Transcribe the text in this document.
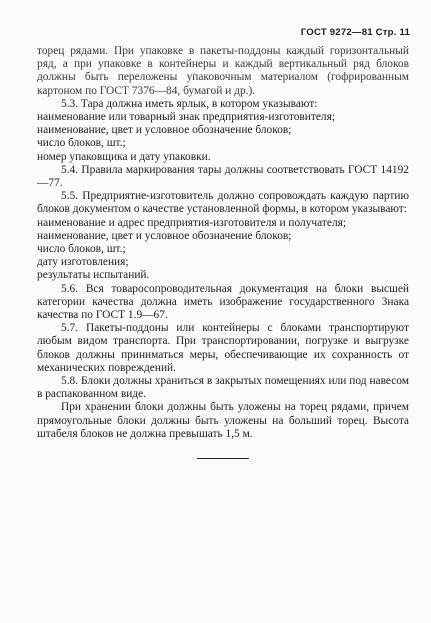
ГОСТ 9272—81 Стр. 11

торец рядами. При упаковке в пакеты-поддоны каждый горизонтальный ряд, а при упаковке в контейнеры и каждый вертикальный ряд блоков должны быть переложены упаковочным материалом (гофрированным картоном по ГОСТ 7376—84, бумагой и др.).

5.3. Тара должна иметь ярлык, в котором указывают:

наименование или товарный знак предприятия-изготовителя;

наименование, цвет и условное обозначение блоков;

число блоков, шт.;

номер упаковщика и дату упаковки.

5.4. Правила маркирования тары должны соответствовать ГОСТ 14192—77.

5.5. Предприятие-изготовитель должно сопровождать каждую партию блоков документом о качестве установленной формы, в котором указывают:

наименование и адрес предприятия-изготовителя и получателя;

наименование, цвет и условное обозначение блоков;

число блоков, шт.;

дату изготовления;

результаты испытаний.

5.6. Вся товаросопроводительная документация на блоки высшей категории качества должна иметь изображение государственного Знака качества по ГОСТ 1.9—67.

5.7. Пакеты-поддоны или контейнеры с блоками транспортируют любым видом транспорта. При транспортировании, погрузке и выгрузке блоков должны приниматься меры, обеспечивающие их сохранность от механических повреждений.

5.8. Блоки должны храниться в закрытых помещениях или под навесом в распакованном виде.

При хранении блоки должны быть уложены на торец рядами, причем прямоугольные блоки должны быть уложены на больший торец. Высота штабеля блоков не должна превышать 1,5 м.
